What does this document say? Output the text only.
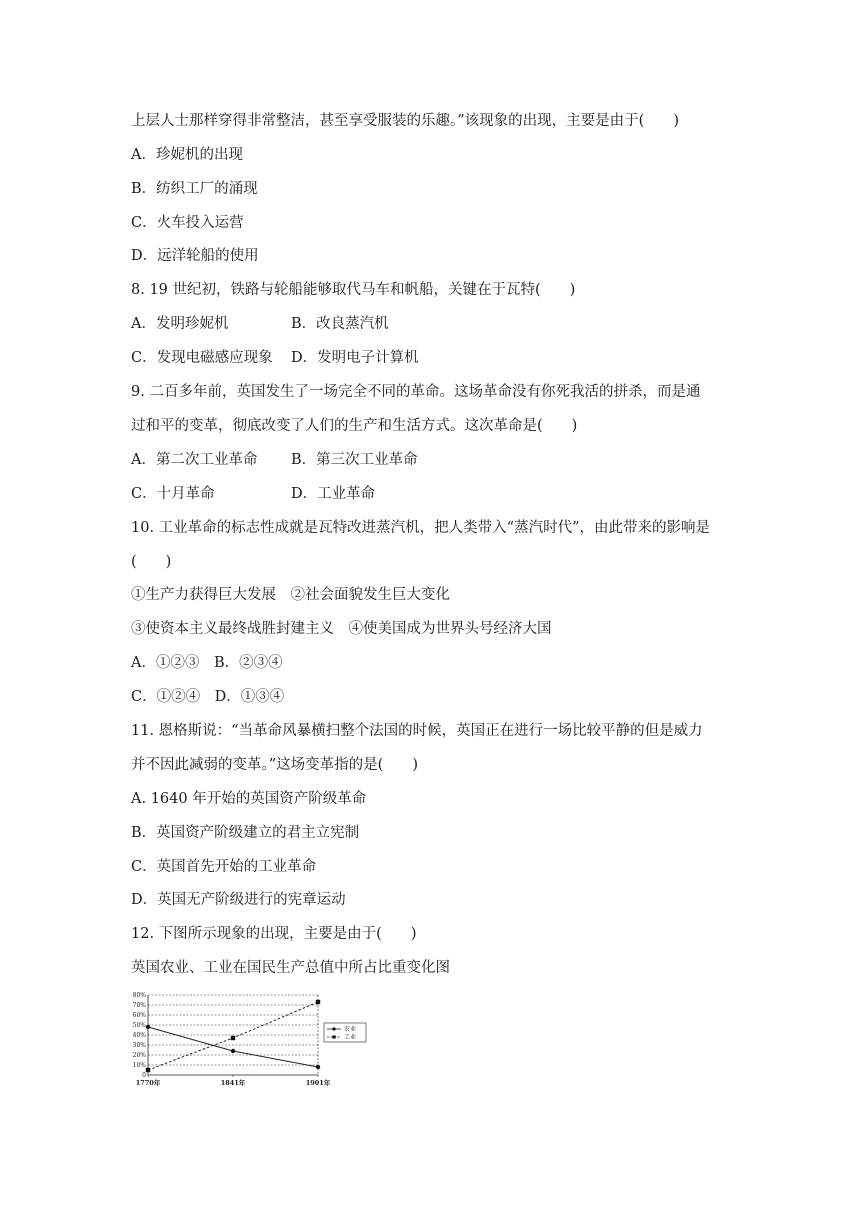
上层人士那样穿得非常整洁，甚至享受服装的乐趣。”该现象的出现，主要是由于(　　)
A．珍妮机的出现
B．纺织工厂的涌现
C．火车投入运营
D．远洋轮船的使用
8. 19 世纪初，铁路与轮船能够取代马车和帆船，关键在于瓦特(　　)
A．发明珍妮机	B．改良蒸汽机
C．发现电磁感应现象 D．发明电子计算机
9. 二百多年前，英国发生了一场完全不同的革命。这场革命没有你死我活的拼杀，而是通
过和平的变革，彻底改变了人们的生产和生活方式。这次革命是(　　)
A．第二次工业革命 B．第三次工业革命
C．十月革命	D．工业革命
10. 工业革命的标志性成就是瓦特改进蒸汽机，把人类带入“蒸汽时代”，由此带来的影响是
(　　)
①生产力获得巨大发展　②社会面貌发生巨大变化
③使资本主义最终战胜封建主义　④使美国成为世界头号经济大国
A．①②③　B．②③④
C．①②④　D．①③④
11. 恩格斯说：“当革命风暴横扫整个法国的时候，英国正在进行一场比较平静的但是威力
并不因此减弱的变革。”这场变革指的是(　　)
A. 1640 年开始的英国资产阶级革命
B．英国资产阶级建立的君主立宪制
C．英国首先开始的工业革命
D．英国无产阶级进行的宪章运动
12. 下图所示现象的出现，主要是由于(　　)
英国农业、工业在国民生产总值中所占比重变化图
0
10%
20%
30%
40%
50%
60%
70%
80%
1770年	1841年	1901年
农业
工业
